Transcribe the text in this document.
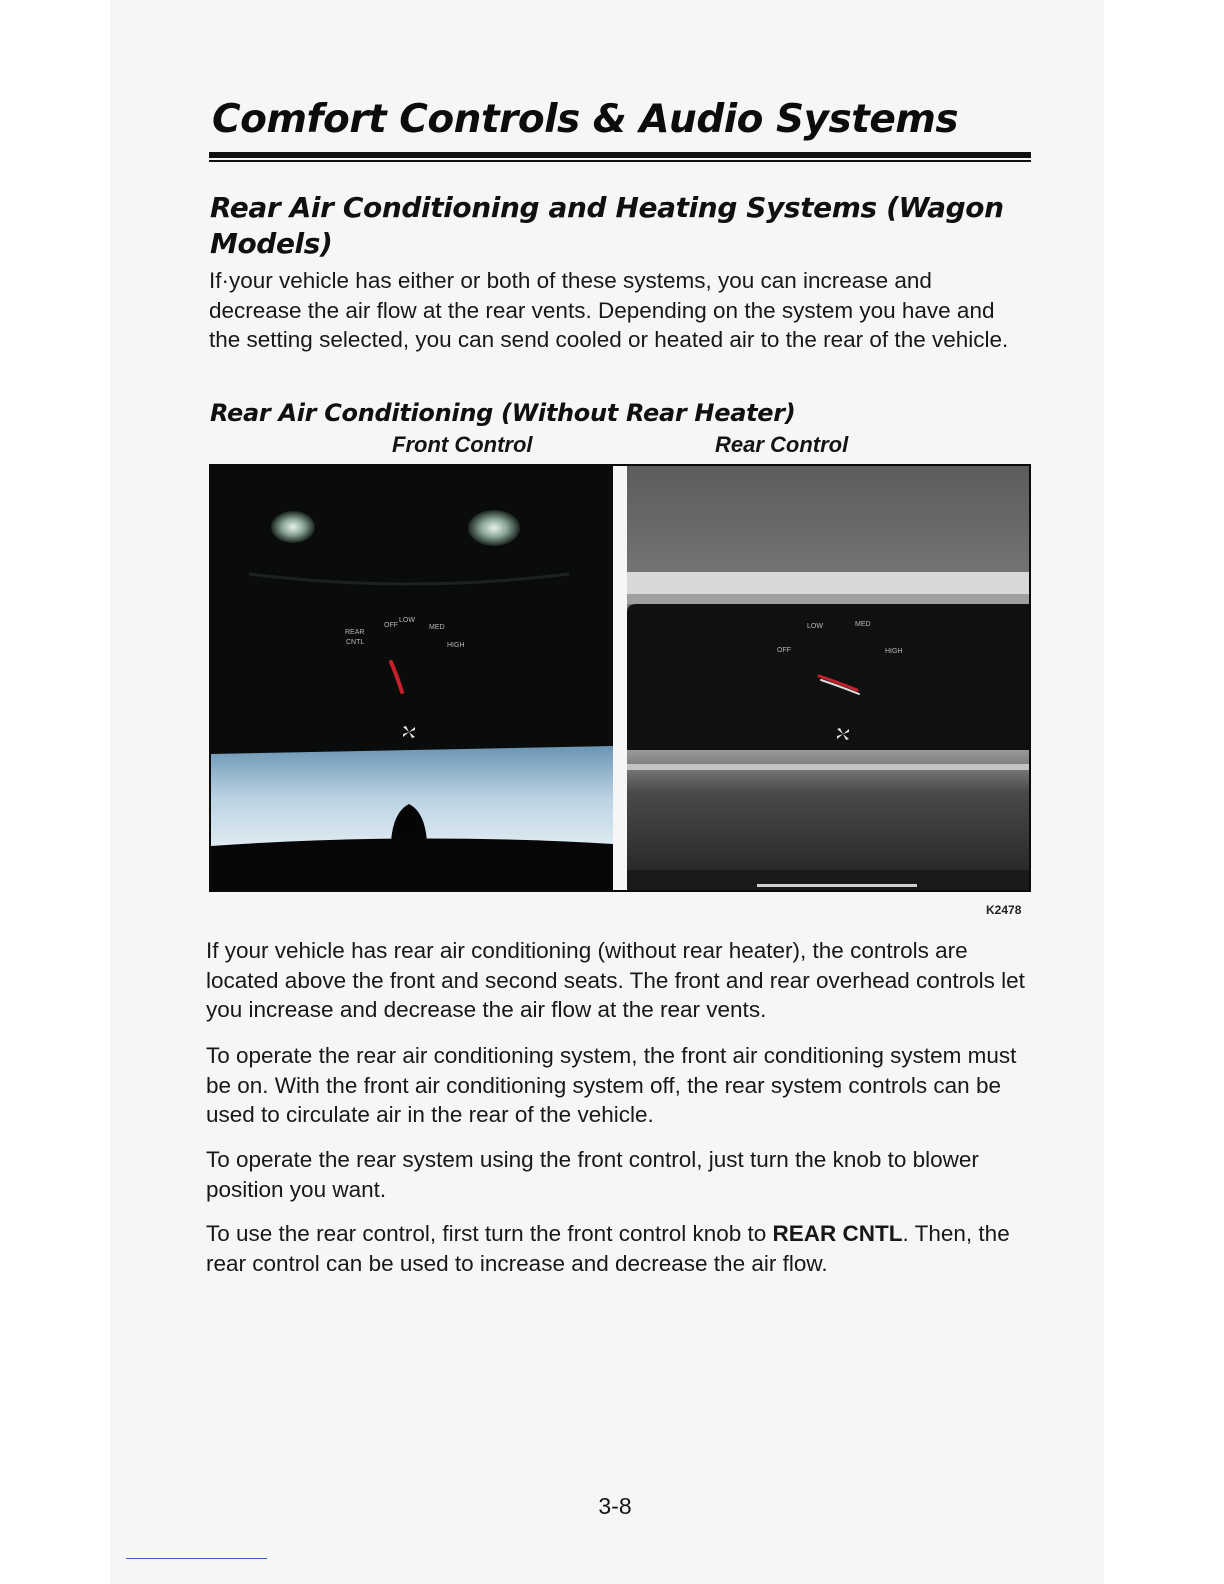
Comfort Controls & Audio Systems
Rear Air Conditioning and Heating Systems (Wagon Models)

If·your vehicle has either or both of these systems, you can increase and decrease the air flow at the rear vents. Depending on the system you have and the setting selected, you can send cooled or heated air to the rear of the vehicle.

Rear Air Conditioning (Without Rear Heater)

Front Control	Rear Control

OFF
LOW
MED
REAR
CNTL	HIGH
LOW	MED
OFF	HIGH

K2478

If your vehicle has rear air conditioning (without rear heater), the controls are located above the front and second seats. The front and rear overhead controls let you increase and decrease the air flow at the rear vents.

To operate the rear air conditioning system, the front air conditioning system must be on. With the front air conditioning system off, the rear system controls can be used to circulate air in the rear of the vehicle.

To operate the rear system using the front control, just turn the knob to blower position you want.

To use the rear control, first turn the front control knob to REAR CNTL. Then, the rear control can be used to increase and decrease the air flow.

3-8
